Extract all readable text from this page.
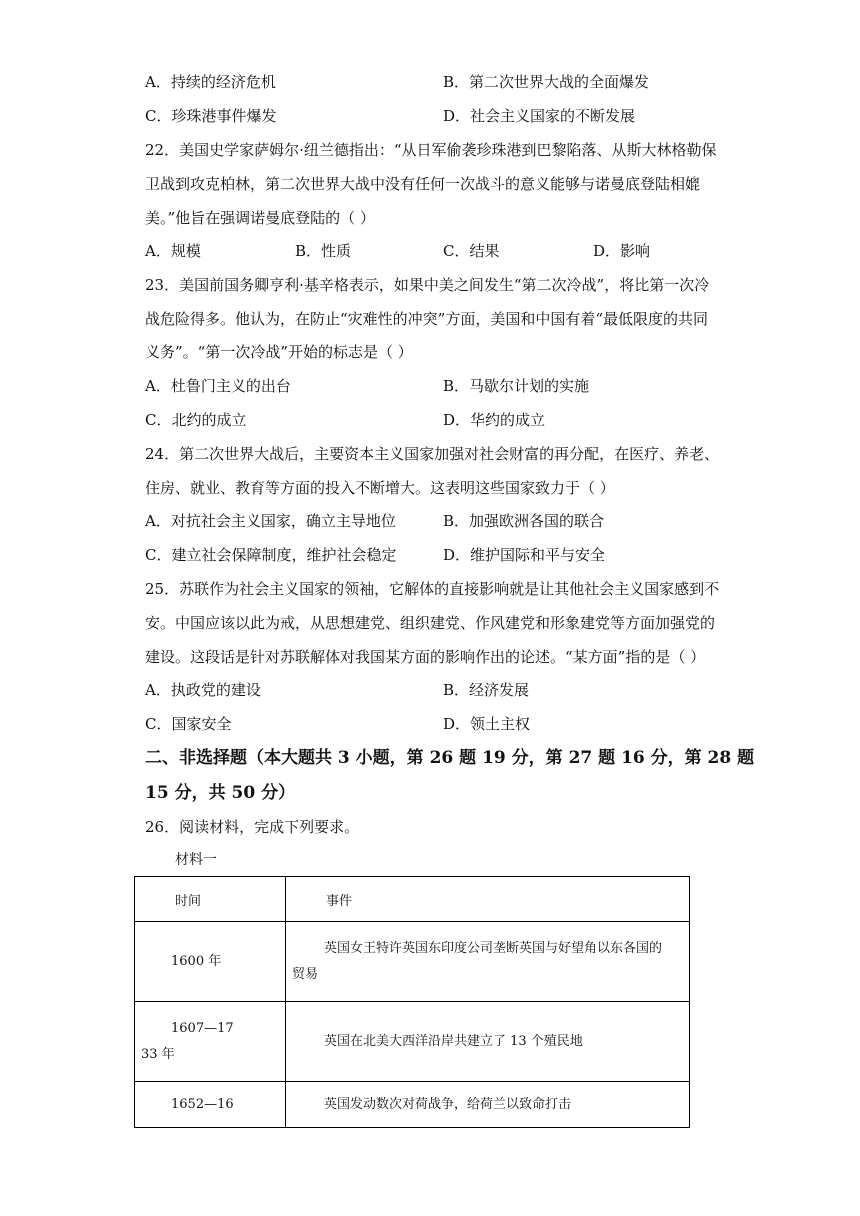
A．持续的经济危机	B．第二次世界大战的全面爆发
C．珍珠港事件爆发	D．社会主义国家的不断发展
22．美国史学家萨姆尔·纽兰德指出：“从日军偷袭珍珠港到巴黎陷落、从斯大林格勒保
卫战到攻克柏林，第二次世界大战中没有任何一次战斗的意义能够与诺曼底登陆相媲
美。”他旨在强调诺曼底登陆的（ ）
A．规模	B．性质	C．结果	D．影响
23．美国前国务卿亨利·基辛格表示，如果中美之间发生“第二次冷战”，将比第一次冷
战危险得多。他认为，在防止“灾难性的冲突”方面，美国和中国有着“最低限度的共同
义务”。“第一次冷战”开始的标志是（ ）
A．杜鲁门主义的出台	B．马歇尔计划的实施
C．北约的成立	D．华约的成立
24．第二次世界大战后，主要资本主义国家加强对社会财富的再分配，在医疗、养老、
住房、就业、教育等方面的投入不断增大。这表明这些国家致力于（ ）
A．对抗社会主义国家，确立主导地位	B．加强欧洲各国的联合
C．建立社会保障制度，维护社会稳定	D．维护国际和平与安全
25．苏联作为社会主义国家的领袖，它解体的直接影响就是让其他社会主义国家感到不
安。中国应该以此为戒，从思想建党、组织建党、作风建党和形象建党等方面加强党的
建设。这段话是针对苏联解体对我国某方面的影响作出的论述。“某方面”指的是（ ）
A．执政党的建设	B．经济发展
C．国家安全	D．领土主权
二、非选择题（本大题共 3 小题，第 26 题 19 分，第 27 题 16 分，第 28 题
15 分，共 50 分）
26．阅读材料，完成下列要求。
材料一
时间	事件

1600 年	英国女王特许英国东印度公司垄断英国与好望角以东各国的
贸易

1607—17
33 年	英国在北美大西洋沿岸共建立了 13 个殖民地

1652—16	英国发动数次对荷战争，给荷兰以致命打击
